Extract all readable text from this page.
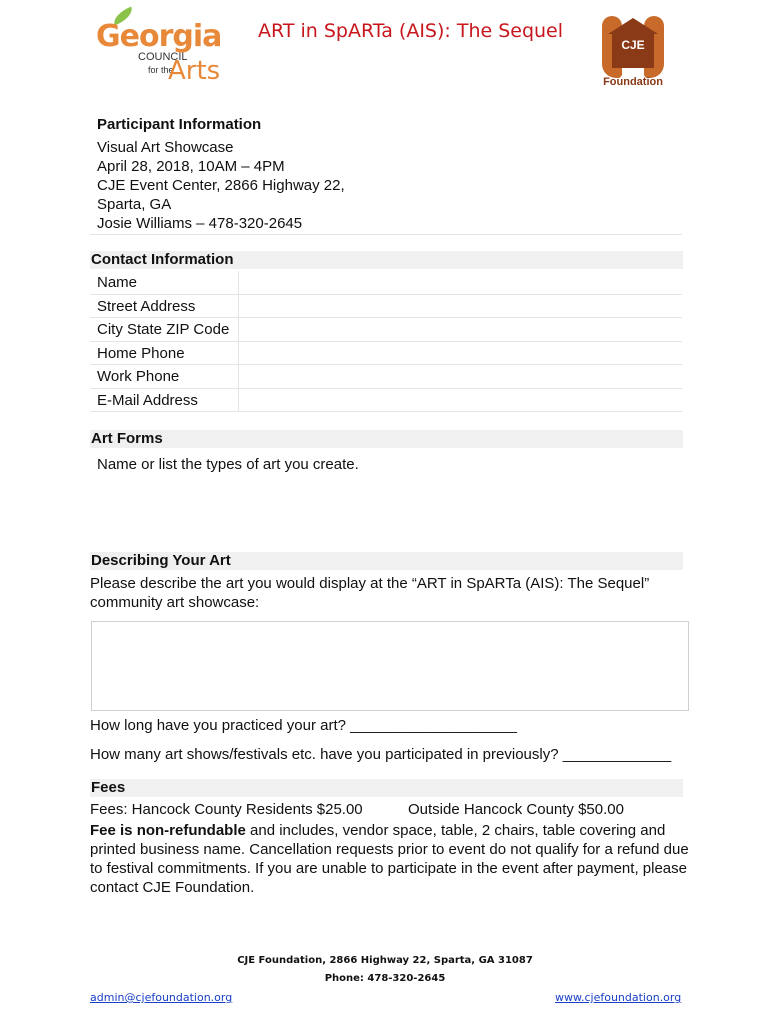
Georgia
COUNCIL
for the
Arts
ART in SpARTa (AIS): The Sequel
CJE
Foundation
Participant Information
Visual Art Showcase
April 28, 2018, 10AM – 4PM
CJE Event Center, 2866 Highway 22,
Sparta, GA
Josie Williams – 478-320-2645
Contact Information
Name
Street Address
City State ZIP Code
Home Phone
Work Phone
E-Mail Address
Art Forms
Name or list the types of art you create.
Describing Your Art
Please describe the art you would display at the “ART in SpARTa (AIS): The Sequel” community art showcase:
How long have you practiced your art? ____________________
How many art shows/festivals etc. have you participated in previously? _____________
Fees
Fees: Hancock County Residents $25.00	Outside Hancock County $50.00
Fee is non-refundable and includes, vendor space, table, 2 chairs, table covering and printed business name. Cancellation requests prior to event do not qualify for a refund due to festival commitments. If you are unable to participate in the event after payment, please contact CJE Foundation.
CJE Foundation, 2866 Highway 22, Sparta, GA 31087
Phone: 478-320-2645
admin@cjefoundation.org	www.cjefoundation.org
